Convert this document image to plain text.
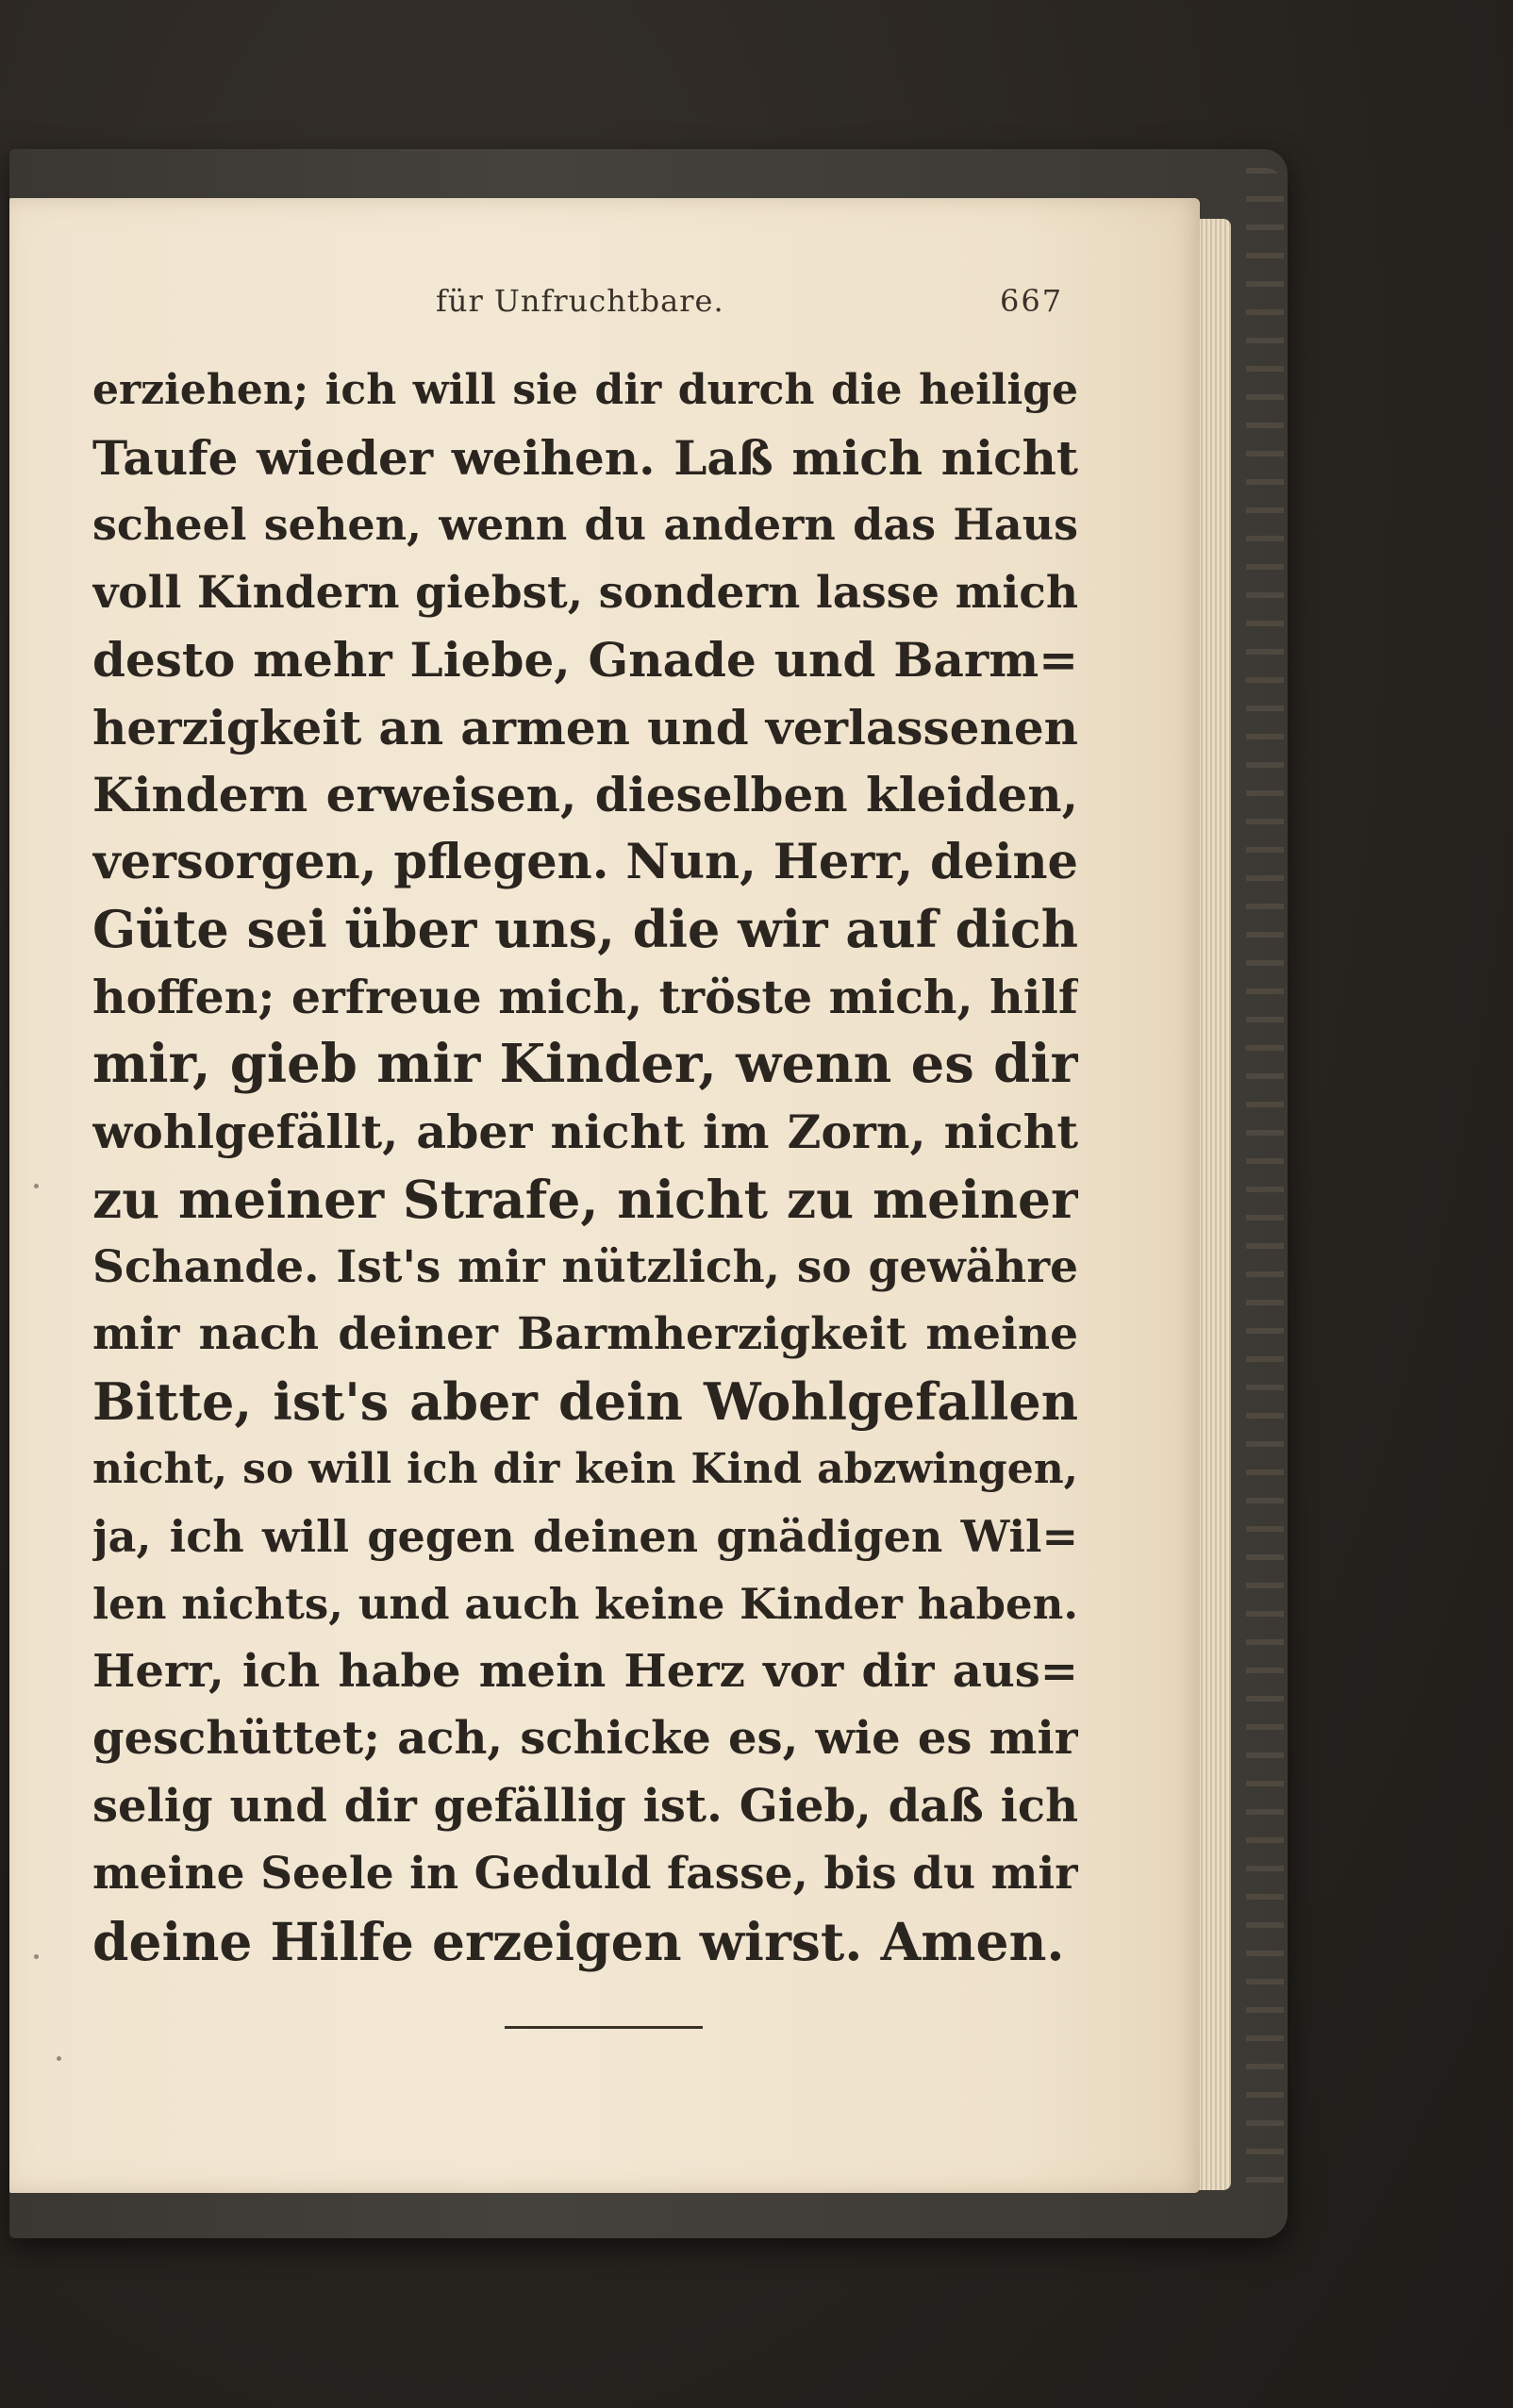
für Unfruchtbare.	667
erziehen; ich will sie dir durch die heilige
Taufe wieder weihen. Laß mich nicht
scheel sehen, wenn du andern das Haus
voll Kindern giebst, sondern lasse mich
desto mehr Liebe, Gnade und Barm=
herzigkeit an armen und verlassenen
Kindern erweisen, dieselben kleiden,
versorgen, pflegen. Nun, Herr, deine
Güte sei über uns, die wir auf dich
hoffen; erfreue mich, tröste mich, hilf
mir, gieb mir Kinder, wenn es dir
wohlgefällt, aber nicht im Zorn, nicht
zu meiner Strafe, nicht zu meiner
Schande. Ist's mir nützlich, so gewähre
mir nach deiner Barmherzigkeit meine
Bitte, ist's aber dein Wohlgefallen
nicht, so will ich dir kein Kind abzwingen,
ja, ich will gegen deinen gnädigen Wil=
len nichts, und auch keine Kinder haben.
Herr, ich habe mein Herz vor dir aus=
geschüttet; ach, schicke es, wie es mir
selig und dir gefällig ist. Gieb, daß ich
meine Seele in Geduld fasse, bis du mir
deine Hilfe erzeigen wirst. Amen.
